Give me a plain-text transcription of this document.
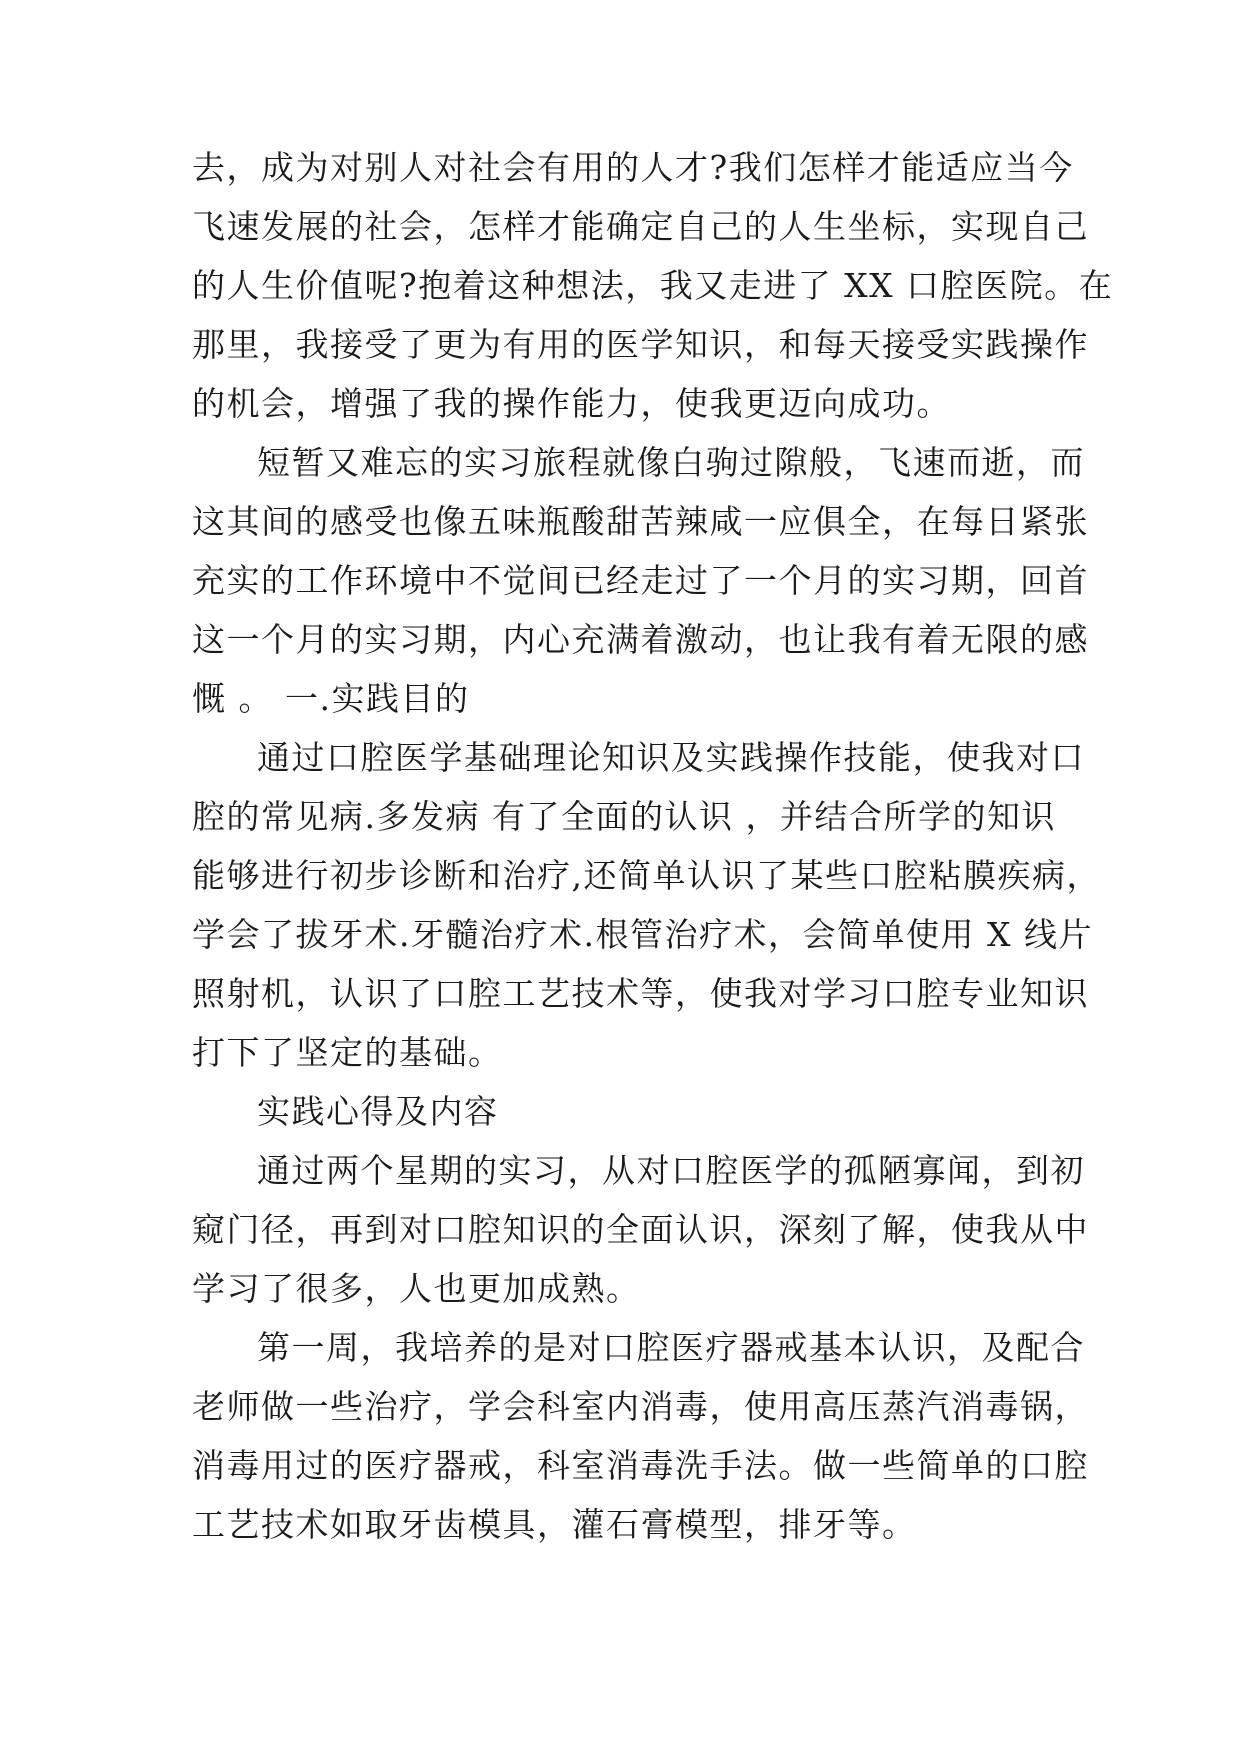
去，成为对别人对社会有用的人才?我们怎样才能适应当今
飞速发展的社会，怎样才能确定自己的人生坐标，实现自己
的人生价值呢?抱着这种想法，我又走进了 XX 口腔医院。在
那里，我接受了更为有用的医学知识，和每天接受实践操作
的机会，增强了我的操作能力，使我更迈向成功。
短暂又难忘的实习旅程就像白驹过隙般，飞速而逝，而
这其间的感受也像五味瓶酸甜苦辣咸一应俱全，在每日紧张
充实的工作环境中不觉间已经走过了一个月的实习期，回首
这一个月的实习期，内心充满着激动，也让我有着无限的感
慨 。 一.实践目的
通过口腔医学基础理论知识及实践操作技能，使我对口
腔的常见病.多发病 有了全面的认识 ，并结合所学的知识
能够进行初步诊断和治疗,还简单认识了某些口腔粘膜疾病，
学会了拔牙术.牙髓治疗术.根管治疗术，会简单使用 X 线片
照射机，认识了口腔工艺技术等，使我对学习口腔专业知识
打下了坚定的基础。
实践心得及内容
通过两个星期的实习，从对口腔医学的孤陋寡闻，到初
窥门径，再到对口腔知识的全面认识，深刻了解，使我从中
学习了很多，人也更加成熟。
第一周，我培养的是对口腔医疗器戒基本认识，及配合
老师做一些治疗，学会科室内消毒，使用高压蒸汽消毒锅，
消毒用过的医疗器戒，科室消毒洗手法。做一些简单的口腔
工艺技术如取牙齿模具，灌石膏模型，排牙等。
